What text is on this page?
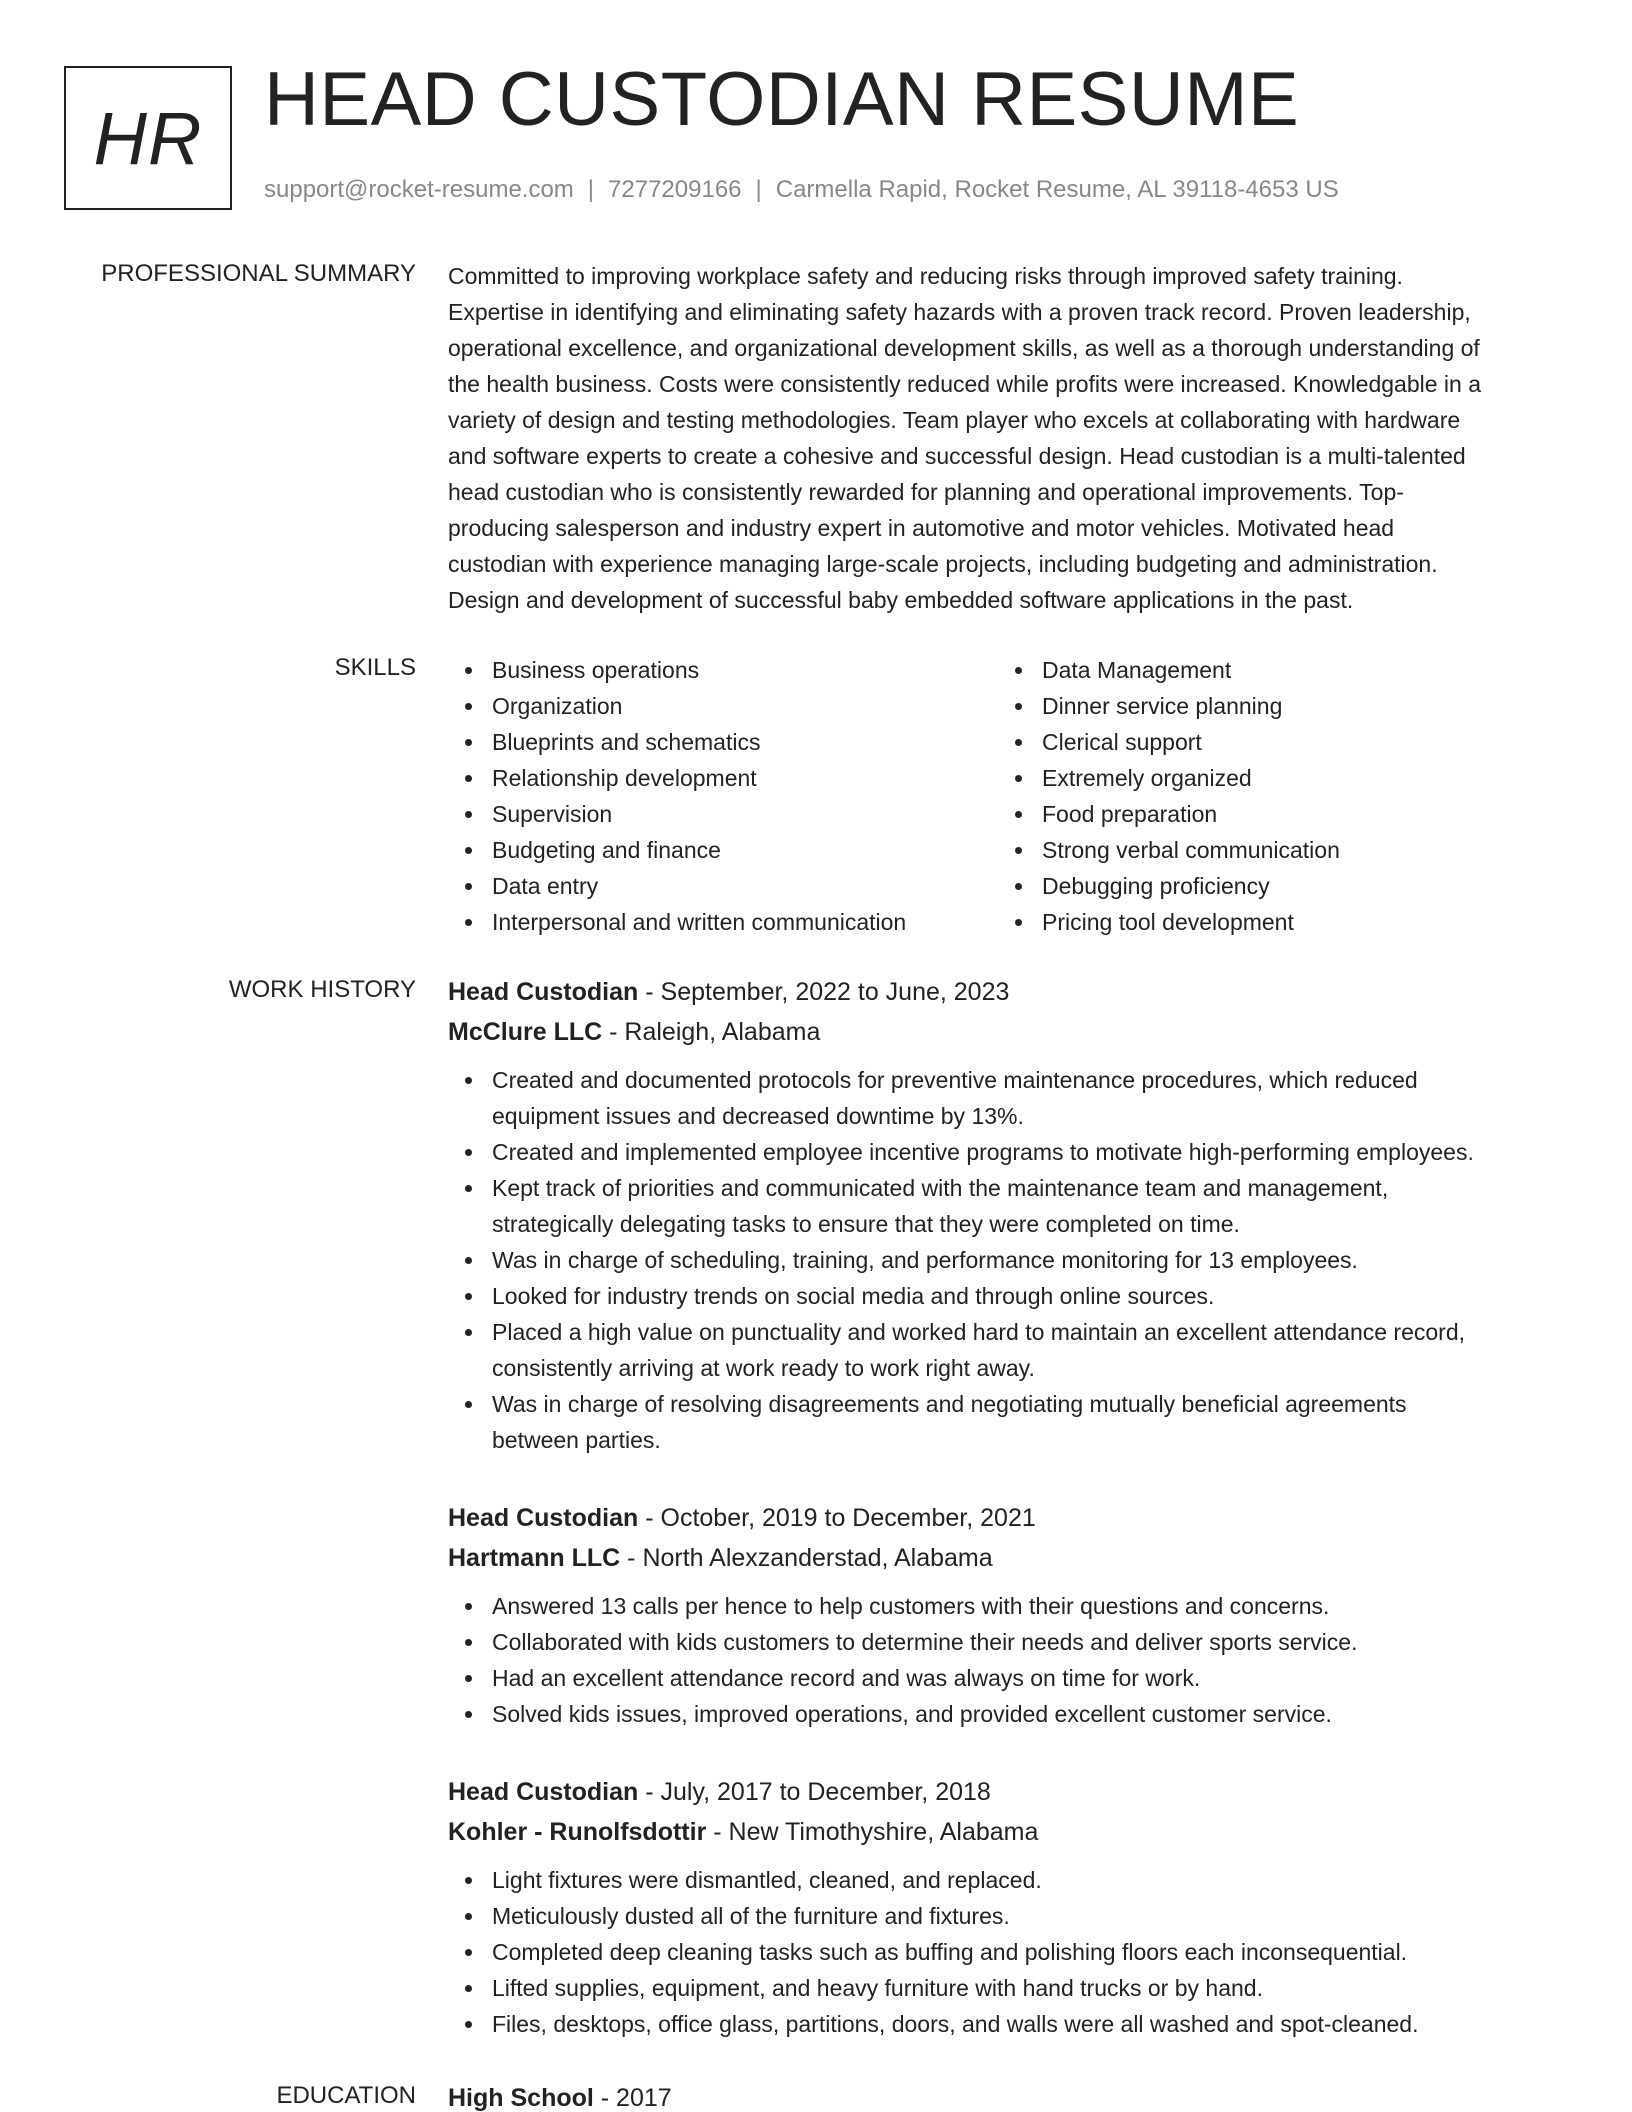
HR HEAD CUSTODIAN RESUME
support@rocket-resume.com | 7277209166 | Carmella Rapid, Rocket Resume, AL 39118-4653 US
PROFESSIONAL SUMMARY Committed to improving workplace safety and reducing risks through improved safety training.
Expertise in identifying and eliminating safety hazards with a proven track record. Proven leadership,
operational excellence, and organizational development skills, as well as a thorough understanding of
the health business. Costs were consistently reduced while profits were increased. Knowledgable in a
variety of design and testing methodologies. Team player who excels at collaborating with hardware
and software experts to create a cohesive and successful design. Head custodian is a multi-talented
head custodian who is consistently rewarded for planning and operational improvements. Top-
producing salesperson and industry expert in automotive and motor vehicles. Motivated head
custodian with experience managing large-scale projects, including budgeting and administration.
Design and development of successful baby embedded software applications in the past.
SKILLS	Business operations
Organization
Blueprints and schematics
Relationship development
Supervision
Budgeting and finance
Data entry
Interpersonal and written communication
Data Management
Dinner service planning
Clerical support
Extremely organized
Food preparation
Strong verbal communication
Debugging proficiency
Pricing tool development
WORK HISTORY Head Custodian - September, 2022 to June, 2023
McClure LLC - Raleigh, Alabama
Created and documented protocols for preventive maintenance procedures, which reduced
equipment issues and decreased downtime by 13%.
Created and implemented employee incentive programs to motivate high-performing employees.
Kept track of priorities and communicated with the maintenance team and management,
strategically delegating tasks to ensure that they were completed on time.
Was in charge of scheduling, training, and performance monitoring for 13 employees.
Looked for industry trends on social media and through online sources.
Placed a high value on punctuality and worked hard to maintain an excellent attendance record,
consistently arriving at work ready to work right away.
Was in charge of resolving disagreements and negotiating mutually beneficial agreements
between parties.
Head Custodian - October, 2019 to December, 2021
Hartmann LLC - North Alexzanderstad, Alabama
Answered 13 calls per hence to help customers with their questions and concerns.
Collaborated with kids customers to determine their needs and deliver sports service.
Had an excellent attendance record and was always on time for work.
Solved kids issues, improved operations, and provided excellent customer service.
Head Custodian - July, 2017 to December, 2018
Kohler - Runolfsdottir - New Timothyshire, Alabama
Light fixtures were dismantled, cleaned, and replaced.
Meticulously dusted all of the furniture and fixtures.
Completed deep cleaning tasks such as buffing and polishing floors each inconsequential.
Lifted supplies, equipment, and heavy furniture with hand trucks or by hand.
Files, desktops, office glass, partitions, doors, and walls were all washed and spot-cleaned.
EDUCATION High School - 2017
